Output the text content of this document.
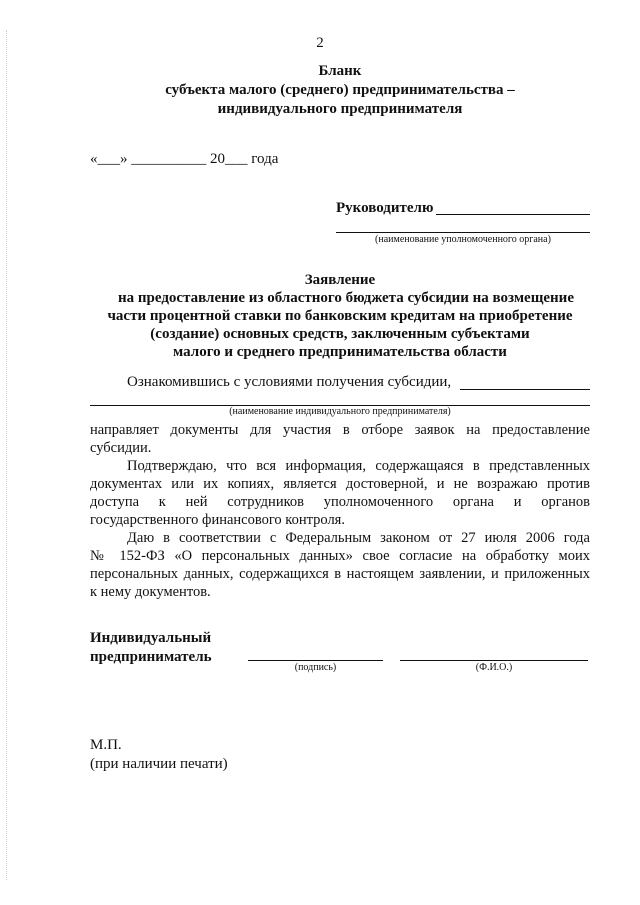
2
Бланк
субъекта малого (среднего) предпринимательства –
индивидуального предпринимателя
«___» __________ 20___ года
Руководителю
(наименование уполномоченного органа)
Заявление
на предоставление из областного бюджета субсидии на возмещение
части процентной ставки по банковским кредитам на приобретение
(создание) основных средств, заключенным субъектами
малого и среднего предпринимательства области
Ознакомившись с условиями получения субсидии,
(наименование индивидуального предпринимателя)
направляет документы для участия в отборе заявок на предоставление
субсидии.
Подтверждаю, что вся информация, содержащаяся в представленных
документах или их копиях, является достоверной, и не возражаю против
доступа к ней сотрудников уполномоченного органа и органов
государственного финансового контроля.
Даю в соответствии с Федеральным законом от 27 июля 2006 года
№ 152-ФЗ «О персональных данных» свое согласие на обработку моих
персональных данных, содержащихся в настоящем заявлении, и приложенных
к нему документов.
Индивидуальный
предприниматель
(подпись)	(Ф.И.О.)
М.П.
(при наличии печати)
